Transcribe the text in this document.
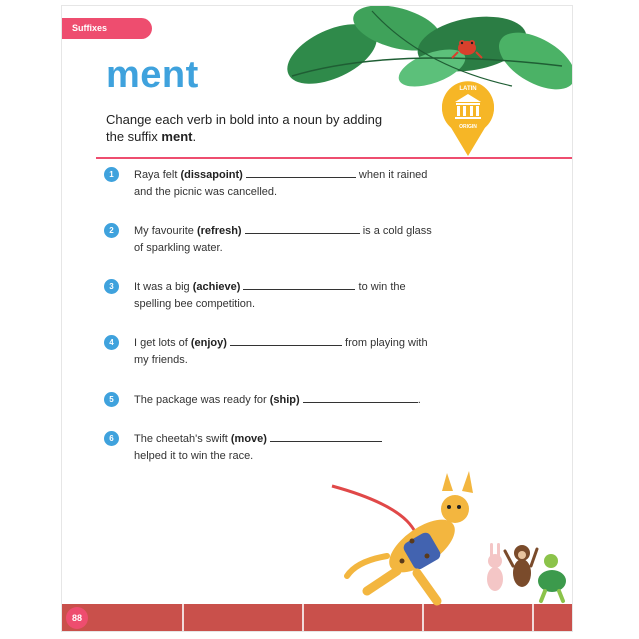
Suffixes
ment	LATIN
ORIGIN
Change each verb in bold into a noun by adding the suffix ment.
1	Raya felt (dissapoint)	when it rained
and the picnic was cancelled.
2	My favourite (refresh)	is a cold glass
of sparkling water.
3	It was a big (achieve)	to win the
spelling bee competition.
4	I get lots of (enjoy)	from playing with
my friends.
5	The package was ready for (ship)	.
6	The cheetah's swift (move)
helped it to win the race.
88
